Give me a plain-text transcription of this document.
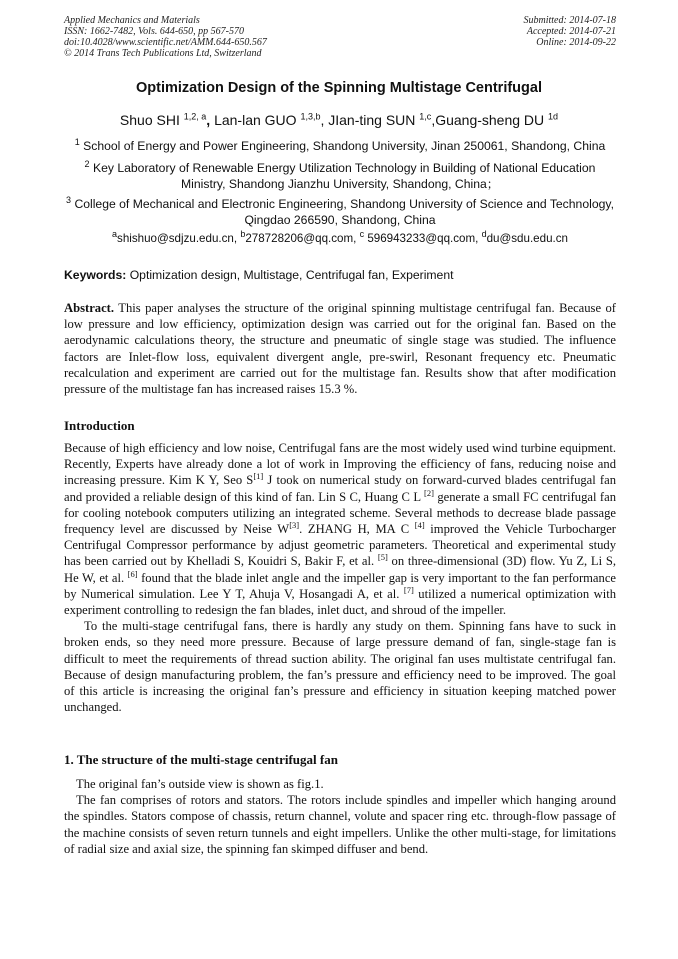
Applied Mechanics and Materials
ISSN: 1662-7482, Vols. 644-650, pp 567-570
doi:10.4028/www.scientific.net/AMM.644-650.567
© 2014 Trans Tech Publications Ltd, Switzerland
Submitted: 2014-07-18
Accepted: 2014-07-21
Online: 2014-09-22
Optimization Design of the Spinning Multistage Centrifugal
Shuo SHI $^{1,2, a}$, Lan-lan GUO $^{1,3,b}$, JIan-ting SUN $^{1,c}$,Guang-sheng DU $^{1d}$
$^1$ School of Energy and Power Engineering, Shandong University, Jinan 250061, Shandong, China
$^2$ Key Laboratory of Renewable Energy Utilization Technology in Building of National Education Ministry, Shandong Jianzhu University, Shandong, China；
$^3$ College of Mechanical and Electronic Engineering, Shandong University of Science and Technology, Qingdao 266590, Shandong, China
$^a$shishuo@sdjzu.edu.cn, $^b$278728206@qq.com, $^c$ 596943233@qq.com, $^d$du@sdu.edu.cn
Keywords: Optimization design, Multistage, Centrifugal fan, Experiment
Abstract. This paper analyses the structure of the original spinning multistage centrifugal fan. Because of low pressure and low efficiency, optimization design was carried out for the original fan. Based on the aerodynamic calculations theory, the structure and pneumatic of single stage was studied. The influence factors are Inlet-flow loss, equivalent divergent angle, pre-swirl, Resonant frequency etc. Pneumatic recalculation and experiment are carried out for the multistage fan. Results show that after modification pressure of the multistage fan has increased raises 15.3 %.
Introduction

Because of high efficiency and low noise, Centrifugal fans are the most widely used wind turbine equipment. Recently, Experts have already done a lot of work in Improving the efficiency of fans, reducing noise and increasing pressure. Kim K Y, Seo S[1] J took on numerical study on forward-curved blades centrifugal fan and provided a reliable design of this kind of fan. Lin S C, Huang C L [2] generate a small FC centrifugal fan for cooling notebook computers utilizing an integrated scheme. Several methods to decrease blade passage frequency level are discussed by Neise W[3]. ZHANG H, MA C [4] improved the Vehicle Turbocharger Centrifugal Compressor performance by adjust geometric parameters. Theoretical and experimental study has been carried out by Khelladi S, Kouidri S, Bakir F, et al. [5] on three-dimensional (3D) flow. Yu Z, Li S, He W, et al. [6] found that the blade inlet angle and the impeller gap is very important to the fan performance by Numerical simulation. Lee Y T, Ahuja V, Hosangadi A, et al. [7] utilized a numerical optimization with experiment controlling to redesign the fan blades, inlet duct, and shroud of the impeller.

To the multi-stage centrifugal fans, there is hardly any study on them. Spinning fans have to suck in broken ends, so they need more pressure. Because of large pressure demand of fan, single-stage fan is difficult to meet the requirements of thread suction ability. The original fan uses multistate centrifugal fan. Because of design manufacturing problem, the fan’s pressure and efficiency need to be improved. The goal of this article is increasing the original fan’s pressure and efficiency in situation keeping matched power unchanged.

1. The structure of the multi-stage centrifugal fan

The original fan’s outside view is shown as fig.1.

The fan comprises of rotors and stators. The rotors include spindles and impeller which hanging around the spindles. Stators compose of chassis, return channel, volute and spacer ring etc. through-flow passage of the machine consists of seven return tunnels and eight impellers. Unlike the other multi-stage, for limitations of radial size and axial size, the spinning fan skimped diffuser and bend.
